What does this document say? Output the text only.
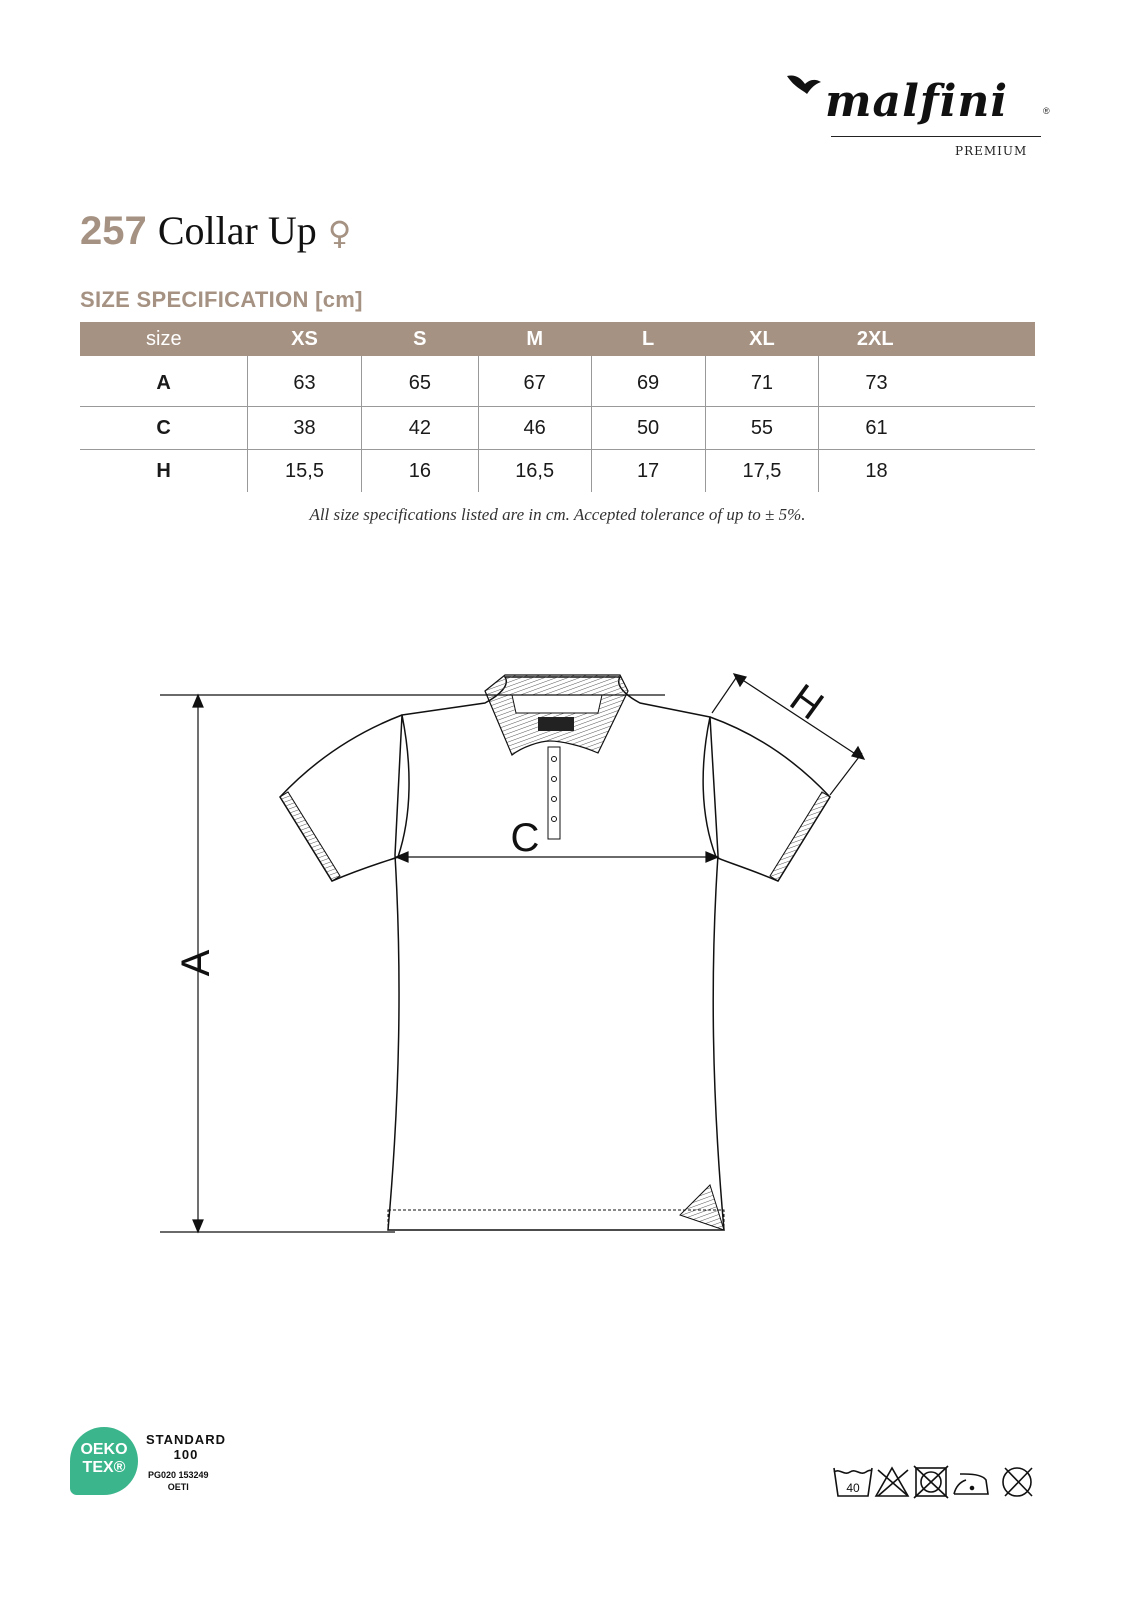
malfini	®
PREMIUM
257 Collar Up ♀
SIZE SPECIFICATION [cm]
size	XS	S	M	L	XL	2XL
A	63	65	67	69	71	73
C	38	42	46	50	55	61
H	15,5	16	16,5	17	17,5	18
All size specifications listed are in cm. Accepted tolerance of up to ± 5%.
A
C
H
OEKO
TEX®
STANDARD
100
PG020 153249
OETI	40
